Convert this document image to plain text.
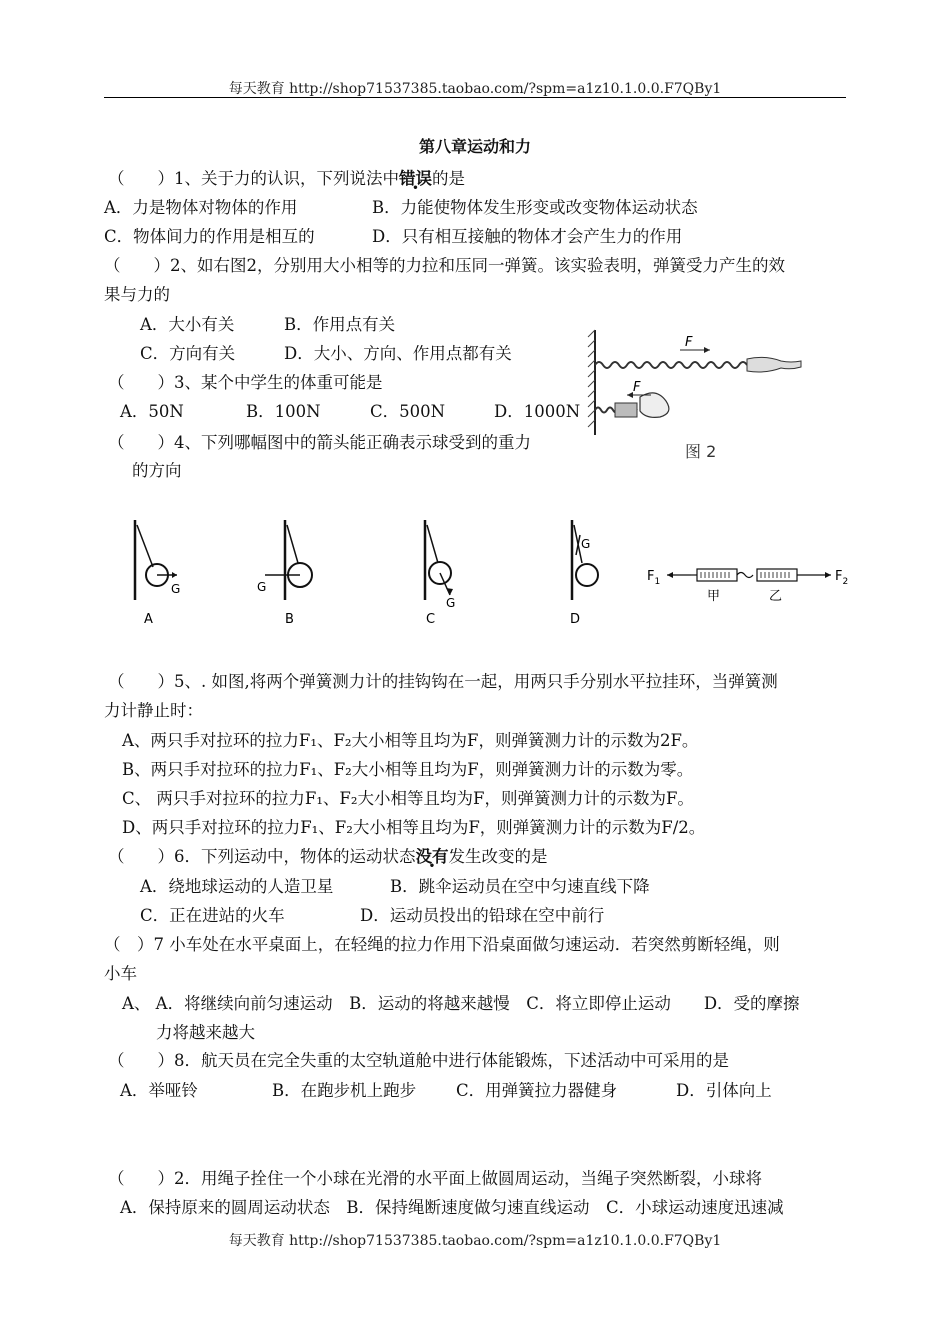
每天教育 http://shop71537385.taobao.com/?spm=a1z10.1.0.0.F7QBy1
第八章运动和力
（　　）1、关于力的认识，下列说法中错误的是
A．力是物体对物体的作用	B．力能使物体发生形变或改变物体运动状态
C．物体间力的作用是相互的	D．只有相互接触的物体才会产生力的作用
（　　）2、如右图2，分别用大小相等的力拉和压同一弹簧。该实验表明，弹簧受力产生的效
果与力的
A．大小有关	B．作用点有关
C．方向有关	D．大小、方向、作用点都有关
F
F
图 2
（　　）3、某个中学生的体重可能是
A．50N	B．100N	C．500N	D．1000N
（　　）4、下列哪幅图中的箭头能正确表示球受到的重力
的方向
G
A
G
B
G
C
G
D
$F_1$	$F_2$
甲	乙
（　　）5、. 如图,将两个弹簧测力计的挂钩钩在一起，用两只手分别水平拉挂环，当弹簧测
力计静止时：
A、两只手对拉环的拉力F₁、F₂大小相等且均为F，则弹簧测力计的示数为2F。
B、两只手对拉环的拉力F₁、F₂大小相等且均为F，则弹簧测力计的示数为零。
C、 两只手对拉环的拉力F₁、F₂大小相等且均为F，则弹簧测力计的示数为F。
D、两只手对拉环的拉力F₁、F₂大小相等且均为F，则弹簧测力计的示数为F/2。
（　　）6．下列运动中，物体的运动状态没有发生改变的是
A．绕地球运动的人造卫星	B．跳伞运动员在空中匀速直线下降
C．正在进站的火车	D．运动员投出的铅球在空中前行
（　）7 小车处在水平桌面上，在轻绳的拉力作用下沿桌面做匀速运动．若突然剪断轻绳，则
小车
A、 A．将继续向前匀速运动　B．运动的将越来越慢　C．将立即停止运动　　D．受的摩擦
力将越来越大
（　　）8．航天员在完全失重的太空轨道舱中进行体能锻炼，下述活动中可采用的是
A．举哑铃	B．在跑步机上跑步 C．用弹簧拉力器健身	D．引体向上
（　　）2．用绳子拴住一个小球在光滑的水平面上做圆周运动，当绳子突然断裂，小球将
A．保持原来的圆周运动状态　B．保持绳断速度做匀速直线运动　C．小球运动速度迅速减
每天教育 http://shop71537385.taobao.com/?spm=a1z10.1.0.0.F7QBy1
